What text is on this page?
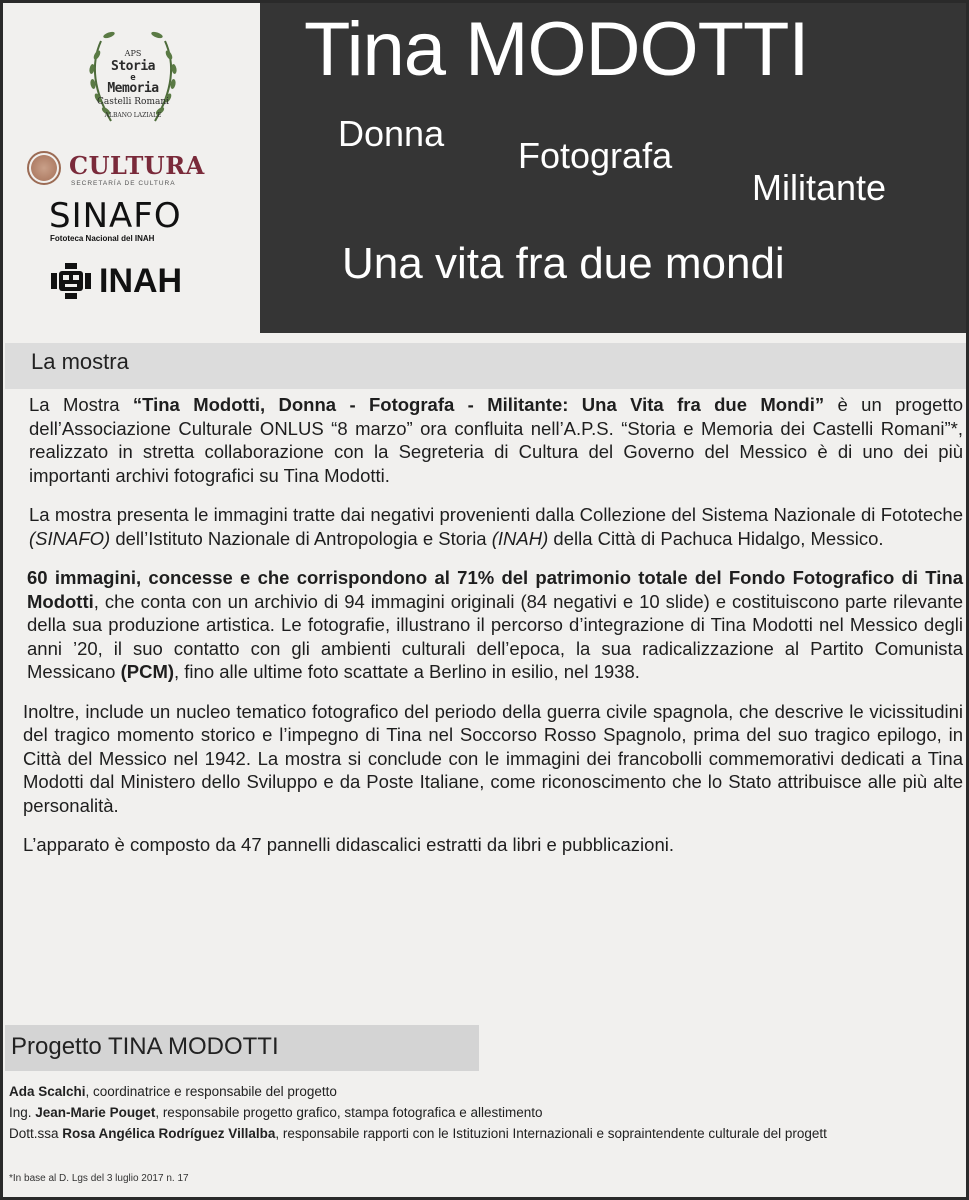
APS
Storia
e
Memoria
Castelli Romani
ALBANO LAZIALE
CULTURA
SECRETARÍA DE CULTURA
SINAFO
Fototeca Nacional del INAH
INAH
Tina MODOTTI
Donna
Fotografa
Militante
Una vita fra due mondi
La mostra

La Mostra “Tina Modotti, Donna - Fotografa - Militante: Una Vita fra due Mondi” è un progetto dell’Associazione Culturale ONLUS “8 marzo” ora confluita nell’A.P.S. “Storia e Memoria dei Castelli Romani”*, realizzato in stretta collaborazione con la Segreteria di Cultura del Governo del Messico è di uno dei più importanti archivi fotografici su Tina Modotti.

La mostra presenta le immagini tratte dai negativi provenienti dalla Collezione del Sistema Nazionale di Fototeche (SINAFO) dell’Istituto Nazionale di Antropologia e Storia (INAH) della Città di Pachuca Hidalgo, Messico.

60 immagini, concesse e che corrispondono al 71% del patrimonio totale del Fondo Fotografico di Tina Modotti, che conta con un archivio di 94 immagini originali (84 negativi e 10 slide) e costituiscono parte rilevante della sua produzione artistica. Le fotografie, illustrano il percorso d’integrazione di Tina Modotti nel Messico degli anni ’20, il suo contatto con gli ambienti culturali dell’epoca, la sua radicalizzazione al Partito Comunista Messicano (PCM), fino alle ultime foto scattate a Berlino in esilio, nel 1938.

Inoltre, include un nucleo tematico fotografico del periodo della guerra civile spagnola, che descrive le vicissitudini del tragico momento storico e l’impegno di Tina nel Soccorso Rosso Spagnolo, prima del suo tragico epilogo, in Città del Messico nel 1942. La mostra si conclude con le immagini dei francobolli commemorativi dedicati a Tina Modotti dal Ministero dello Sviluppo e da Poste Italiane, come riconoscimento che lo Stato attribuisce alle più alte personalità.

L’apparato è composto da 47 pannelli didascalici estratti da libri e pubblicazioni.

Progetto TINA MODOTTI
Ada Scalchi, coordinatrice e responsabile del progetto
Ing. Jean-Marie Pouget, responsabile progetto grafico, stampa fotografica e allestimento
Dott.ssa Rosa Angélica Rodríguez Villalba, responsabile rapporti con le Istituzioni Internazionali e sopraintendente culturale del progett
*In base al D. Lgs del 3 luglio 2017 n. 17
